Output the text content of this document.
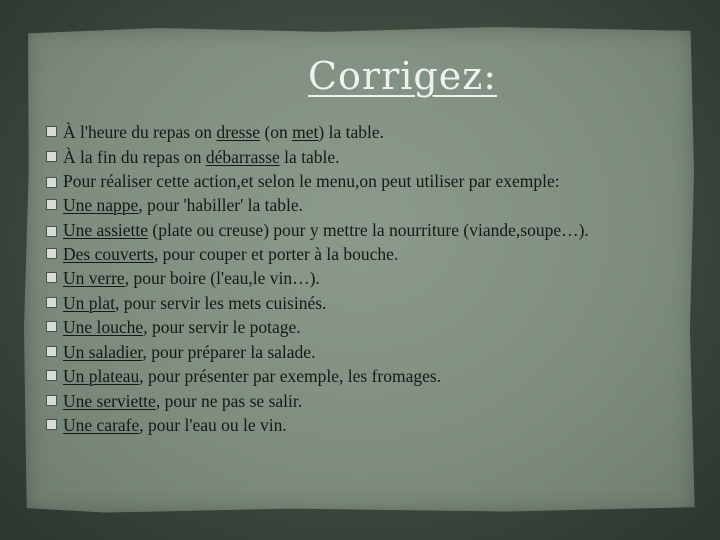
Corrigez:
À l'heure du repas on dresse (on met) la table.
À la fin du repas on débarrasse la table.
Pour réaliser cette action,et selon le menu,on peut utiliser par exemple:
Une nappe, pour 'habiller' la table.
Une assiette (plate ou creuse) pour y mettre la nourriture (viande,soupe…).
Des couverts, pour couper et porter à la bouche.
Un verre, pour boire (l'eau,le vin…).
Un plat, pour servir les mets cuisinés.
Une louche, pour servir le potage.
Un saladier, pour préparer la salade.
Un plateau, pour présenter par exemple, les fromages.
Une serviette, pour ne pas se salir.
Une carafe, pour l'eau ou le vin.
